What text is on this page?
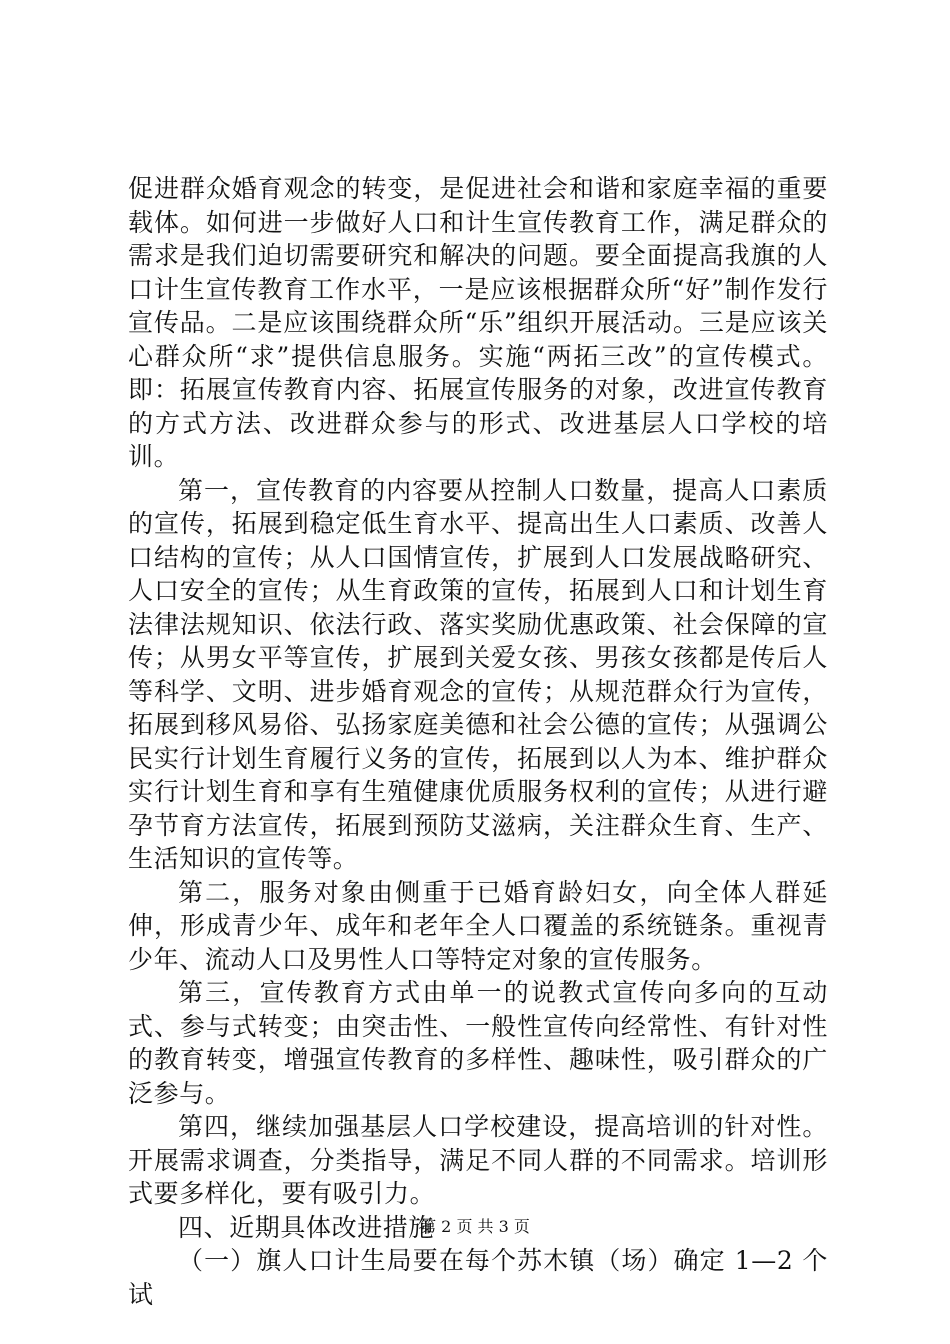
促进群众婚育观念的转变，是促进社会和谐和家庭幸福的重要载体。如何进一步做好人口和计生宣传教育工作，满足群众的需求是我们迫切需要研究和解决的问题。要全面提高我旗的人口计生宣传教育工作水平，一是应该根据群众所“好”制作发行宣传品。二是应该围绕群众所“乐”组织开展活动。三是应该关心群众所“求”提供信息服务。实施“两拓三改”的宣传模式。即：拓展宣传教育内容、拓展宣传服务的对象，改进宣传教育的方式方法、改进群众参与的形式、改进基层人口学校的培训。

第一，宣传教育的内容要从控制人口数量，提高人口素质的宣传，拓展到稳定低生育水平、提高出生人口素质、改善人口结构的宣传；从人口国情宣传，扩展到人口发展战略研究、人口安全的宣传；从生育政策的宣传，拓展到人口和计划生育法律法规知识、依法行政、落实奖励优惠政策、社会保障的宣传；从男女平等宣传，扩展到关爱女孩、男孩女孩都是传后人等科学、文明、进步婚育观念的宣传；从规范群众行为宣传，拓展到移风易俗、弘扬家庭美德和社会公德的宣传；从强调公民实行计划生育履行义务的宣传，拓展到以人为本、维护群众实行计划生育和享有生殖健康优质服务权利的宣传；从进行避孕节育方法宣传，拓展到预防艾滋病，关注群众生育、生产、生活知识的宣传等。

第二，服务对象由侧重于已婚育龄妇女，向全体人群延伸，形成青少年、成年和老年全人口覆盖的系统链条。重视青少年、流动人口及男性人口等特定对象的宣传服务。

第三，宣传教育方式由单一的说教式宣传向多向的互动式、参与式转变；由突击性、一般性宣传向经常性、有针对性的教育转变，增强宣传教育的多样性、趣味性，吸引群众的广泛参与。

第四，继续加强基层人口学校建设，提高培训的针对性。开展需求调查，分类指导，满足不同人群的不同需求。培训形式要多样化，要有吸引力。

四、近期具体改进措施

（一）旗人口计生局要在每个苏木镇（场）确定 1—2 个试

第 2 页 共 3 页
